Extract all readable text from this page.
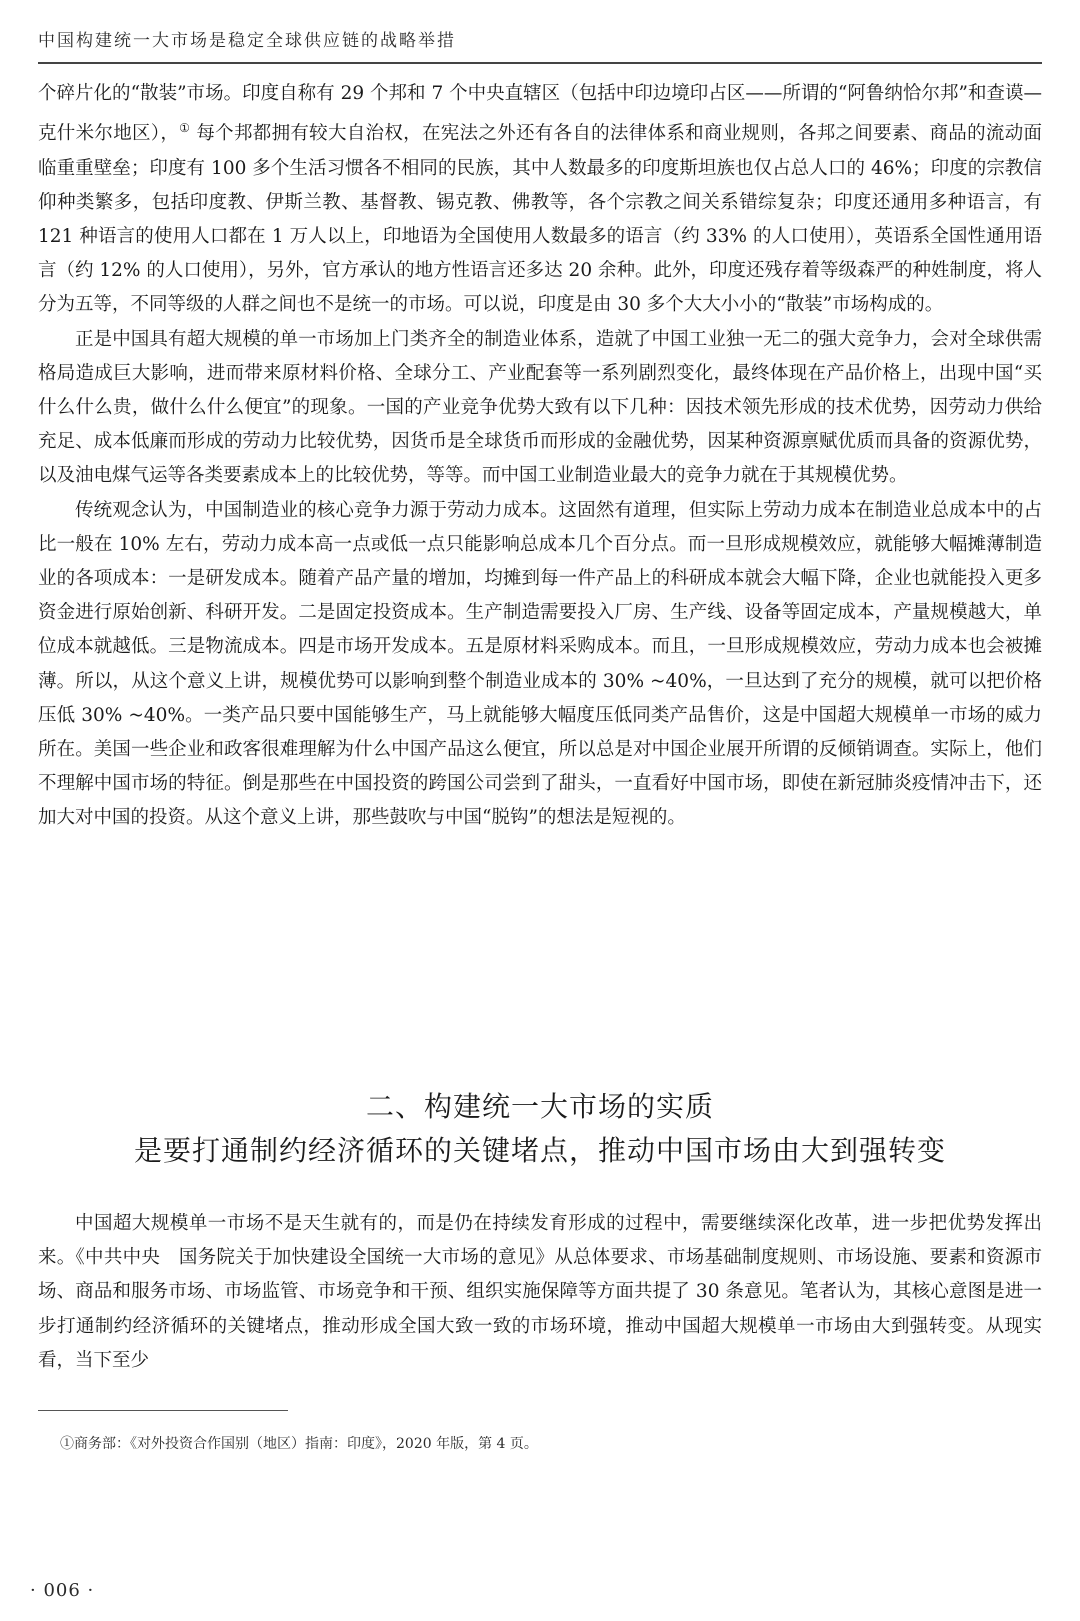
中国构建统一大市场是稳定全球供应链的战略举措

个碎片化的“散装”市场。印度自称有 29 个邦和 7 个中央直辖区（包括中印边境印占区——所谓的“阿鲁纳恰尔邦”和查谟—克什米尔地区），① 每个邦都拥有较大自治权，在宪法之外还有各自的法律体系和商业规则，各邦之间要素、商品的流动面临重重壁垒；印度有 100 多个生活习惯各不相同的民族，其中人数最多的印度斯坦族也仅占总人口的 46%；印度的宗教信仰种类繁多，包括印度教、伊斯兰教、基督教、锡克教、佛教等，各个宗教之间关系错综复杂；印度还通用多种语言，有 121 种语言的使用人口都在 1 万人以上，印地语为全国使用人数最多的语言（约 33% 的人口使用），英语系全国性通用语言（约 12% 的人口使用），另外，官方承认的地方性语言还多达 20 余种。此外，印度还残存着等级森严的种姓制度，将人分为五等，不同等级的人群之间也不是统一的市场。可以说，印度是由 30 多个大大小小的“散装”市场构成的。

正是中国具有超大规模的单一市场加上门类齐全的制造业体系，造就了中国工业独一无二的强大竞争力，会对全球供需格局造成巨大影响，进而带来原材料价格、全球分工、产业配套等一系列剧烈变化，最终体现在产品价格上，出现中国“买什么什么贵，做什么什么便宜”的现象。一国的产业竞争优势大致有以下几种：因技术领先形成的技术优势，因劳动力供给充足、成本低廉而形成的劳动力比较优势，因货币是全球货币而形成的金融优势，因某种资源禀赋优质而具备的资源优势，以及油电煤气运等各类要素成本上的比较优势，等等。而中国工业制造业最大的竞争力就在于其规模优势。

传统观念认为，中国制造业的核心竞争力源于劳动力成本。这固然有道理，但实际上劳动力成本在制造业总成本中的占比一般在 10% 左右，劳动力成本高一点或低一点只能影响总成本几个百分点。而一旦形成规模效应，就能够大幅摊薄制造业的各项成本：一是研发成本。随着产品产量的增加，均摊到每一件产品上的科研成本就会大幅下降，企业也就能投入更多资金进行原始创新、科研开发。二是固定投资成本。生产制造需要投入厂房、生产线、设备等固定成本，产量规模越大，单位成本就越低。三是物流成本。四是市场开发成本。五是原材料采购成本。而且，一旦形成规模效应，劳动力成本也会被摊薄。所以，从这个意义上讲，规模优势可以影响到整个制造业成本的 30% ~40%，一旦达到了充分的规模，就可以把价格压低 30% ~40%。一类产品只要中国能够生产，马上就能够大幅度压低同类产品售价，这是中国超大规模单一市场的威力所在。美国一些企业和政客很难理解为什么中国产品这么便宜，所以总是对中国企业展开所谓的反倾销调查。实际上，他们不理解中国市场的特征。倒是那些在中国投资的跨国公司尝到了甜头，一直看好中国市场，即使在新冠肺炎疫情冲击下，还加大对中国的投资。从这个意义上讲，那些鼓吹与中国“脱钩”的想法是短视的。

二、构建统一大市场的实质
是要打通制约经济循环的关键堵点，推动中国市场由大到强转变

中国超大规模单一市场不是天生就有的，而是仍在持续发育形成的过程中，需要继续深化改革，进一步把优势发挥出来。《中共中央　国务院关于加快建设全国统一大市场的意见》从总体要求、市场基础制度规则、市场设施、要素和资源市场、商品和服务市场、市场监管、市场竞争和干预、组织实施保障等方面共提了 30 条意见。笔者认为，其核心意图是进一步打通制约经济循环的关键堵点，推动形成全国大致一致的市场环境，推动中国超大规模单一市场由大到强转变。从现实看，当下至少

①商务部：《对外投资合作国别（地区）指南：印度》，2020 年版，第 4 页。
· 006 ·
